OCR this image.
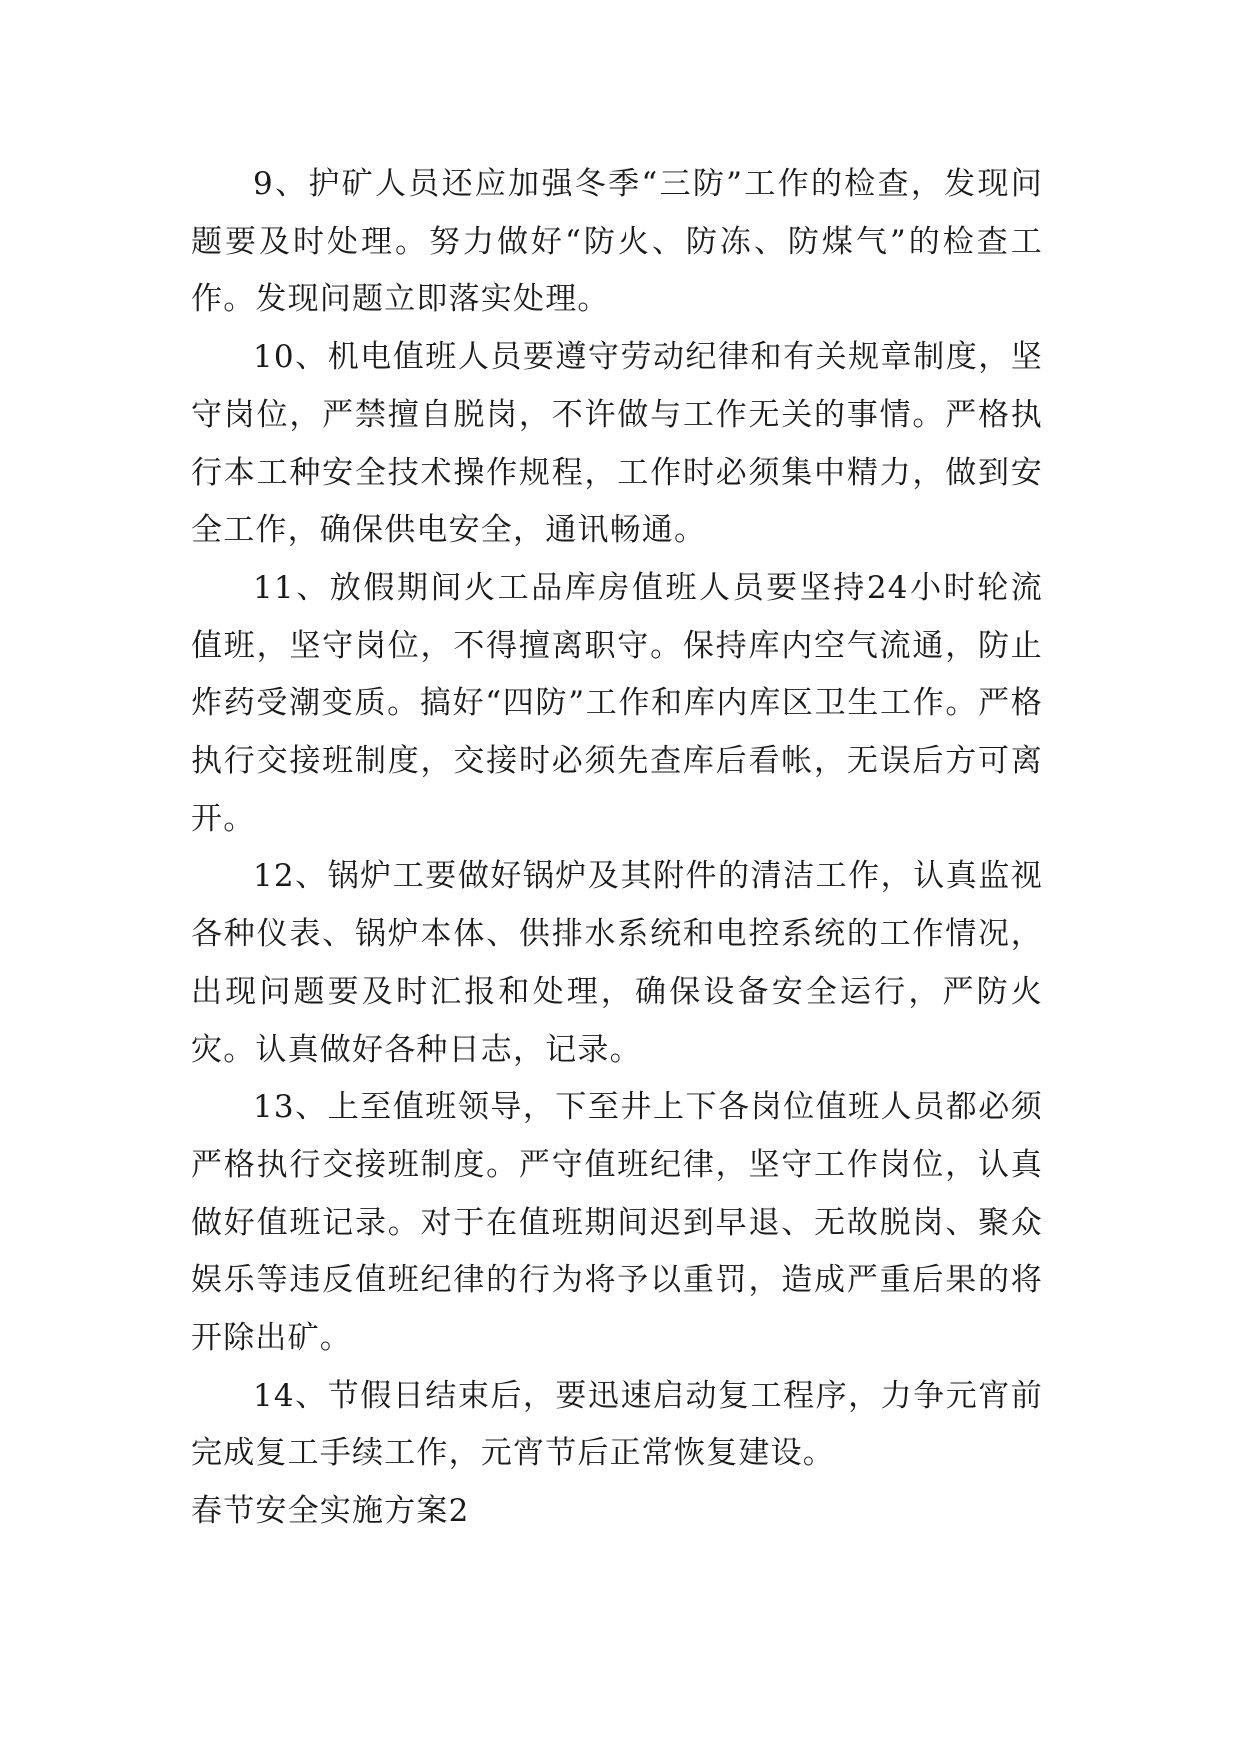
9、护矿人员还应加强冬季“三防”工作的检查，发现问题要及时处理。努力做好“防火、防冻、防煤气”的检查工作。发现问题立即落实处理。

10、机电值班人员要遵守劳动纪律和有关规章制度，坚守岗位，严禁擅自脱岗，不许做与工作无关的事情。严格执行本工种安全技术操作规程，工作时必须集中精力，做到安全工作，确保供电安全，通讯畅通。

11、放假期间火工品库房值班人员要坚持24小时轮流值班，坚守岗位，不得擅离职守。保持库内空气流通，防止炸药受潮变质。搞好“四防”工作和库内库区卫生工作。严格执行交接班制度，交接时必须先查库后看帐，无误后方可离开。

12、锅炉工要做好锅炉及其附件的清洁工作，认真监视各种仪表、锅炉本体、供排水系统和电控系统的工作情况，出现问题要及时汇报和处理，确保设备安全运行，严防火灾。认真做好各种日志，记录。

13、上至值班领导，下至井上下各岗位值班人员都必须严格执行交接班制度。严守值班纪律，坚守工作岗位，认真做好值班记录。对于在值班期间迟到早退、无故脱岗、聚众娱乐等违反值班纪律的行为将予以重罚，造成严重后果的将开除出矿。

14、节假日结束后，要迅速启动复工程序，力争元宵前完成复工手续工作，元宵节后正常恢复建设。

春节安全实施方案2
